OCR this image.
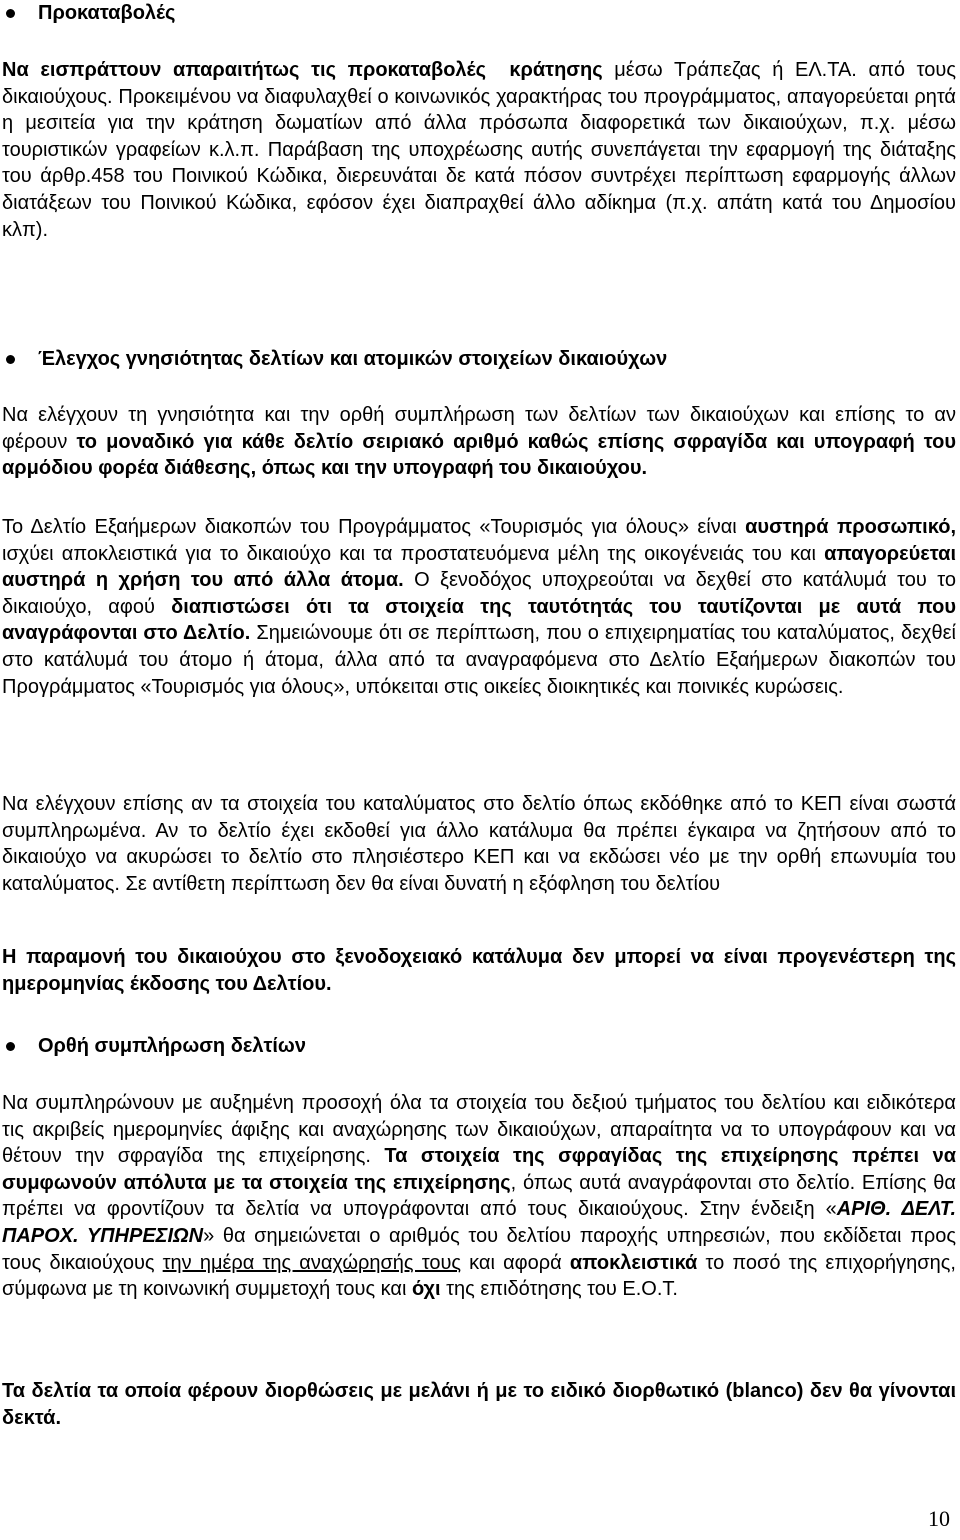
Προκαταβολές
Να εισπράττουν απαραιτήτως τις προκαταβολές κράτησης μέσω Τράπεζας ή ΕΛ.ΤΑ. από τους δικαιούχους. Προκειμένου να διαφυλαχθεί ο κοινωνικός χαρακτήρας του προγράμματος, απαγορεύεται ρητά η μεσιτεία για την κράτηση δωματίων από άλλα πρόσωπα διαφορετικά των δικαιούχων, π.χ. μέσω τουριστικών γραφείων κ.λ.π. Παράβαση της υποχρέωσης αυτής συνεπάγεται την εφαρμογή της διάταξης του άρθρ.458 του Ποινικού Κώδικα, διερευνάται δε κατά πόσον συντρέχει περίπτωση εφαρμογής άλλων διατάξεων του Ποινικού Κώδικα, εφόσον έχει διαπραχθεί άλλο αδίκημα (π.χ. απάτη κατά του Δημοσίου κλπ).
Έλεγχος γνησιότητας δελτίων και ατομικών στοιχείων δικαιούχων
Να ελέγχουν τη γνησιότητα και την ορθή συμπλήρωση των δελτίων των δικαιούχων και επίσης το αν φέρουν το μοναδικό για κάθε δελτίο σειριακό αριθμό καθώς επίσης σφραγίδα και υπογραφή του αρμόδιου φορέα διάθεσης, όπως και την υπογραφή του δικαιούχου.
Το Δελτίο Εξαήμερων διακοπών του Προγράμματος «Τουρισμός για όλους» είναι αυστηρά προσωπικό, ισχύει αποκλειστικά για το δικαιούχο και τα προστατευόμενα μέλη της οικογένειάς του και απαγορεύεται αυστηρά η χρήση του από άλλα άτομα. Ο ξενοδόχος υποχρεούται να δεχθεί στο κατάλυμά του το δικαιούχο, αφού διαπιστώσει ότι τα στοιχεία της ταυτότητάς του ταυτίζονται με αυτά που αναγράφονται στο Δελτίο. Σημειώνουμε ότι σε περίπτωση, που ο επιχειρηματίας του καταλύματος, δεχθεί στο κατάλυμά του άτομο ή άτομα, άλλα από τα αναγραφόμενα στο Δελτίο Εξαήμερων διακοπών του Προγράμματος «Τουρισμός για όλους», υπόκειται στις οικείες διοικητικές και ποινικές κυρώσεις.
Να ελέγχουν επίσης αν τα στοιχεία του καταλύματος στο δελτίο όπως εκδόθηκε από το ΚΕΠ είναι σωστά συμπληρωμένα. Αν το δελτίο έχει εκδοθεί για άλλο κατάλυμα θα πρέπει έγκαιρα να ζητήσουν από το δικαιούχο να ακυρώσει το δελτίο στο πλησιέστερο ΚΕΠ και να εκδώσει νέο με την ορθή επωνυμία του καταλύματος. Σε αντίθετη περίπτωση δεν θα είναι δυνατή η εξόφληση του δελτίου
Η παραμονή του δικαιούχου στο ξενοδοχειακό κατάλυμα δεν μπορεί να είναι προγενέστερη της ημερομηνίας έκδοσης του Δελτίου.
Ορθή συμπλήρωση δελτίων
Να συμπληρώνουν με αυξημένη προσοχή όλα τα στοιχεία του δεξιού τμήματος του δελτίου και ειδικότερα τις ακριβείς ημερομηνίες άφιξης και αναχώρησης των δικαιούχων, απαραίτητα να το υπογράφουν και να θέτουν την σφραγίδα της επιχείρησης. Τα στοιχεία της σφραγίδας της επιχείρησης πρέπει να συμφωνούν απόλυτα με τα στοιχεία της επιχείρησης, όπως αυτά αναγράφονται στο δελτίο. Επίσης θα πρέπει να φροντίζουν τα δελτία να υπογράφονται από τους δικαιούχους. Στην ένδειξη «ΑΡΙΘ. ΔΕΛΤ. ΠΑΡΟΧ. ΥΠΗΡΕΣΙΩΝ» θα σημειώνεται ο αριθμός του δελτίου παροχής υπηρεσιών, που εκδίδεται προς τους δικαιούχους την ημέρα της αναχώρησής τους και αφορά αποκλειστικά το ποσό της επιχορήγησης, σύμφωνα με τη κοινωνική συμμετοχή τους και όχι της επιδότησης του Ε.Ο.Τ.
Τα δελτία τα οποία φέρουν διορθώσεις με μελάνι ή με το ειδικό διορθωτικό (blanco) δεν θα γίνονται δεκτά.
10
